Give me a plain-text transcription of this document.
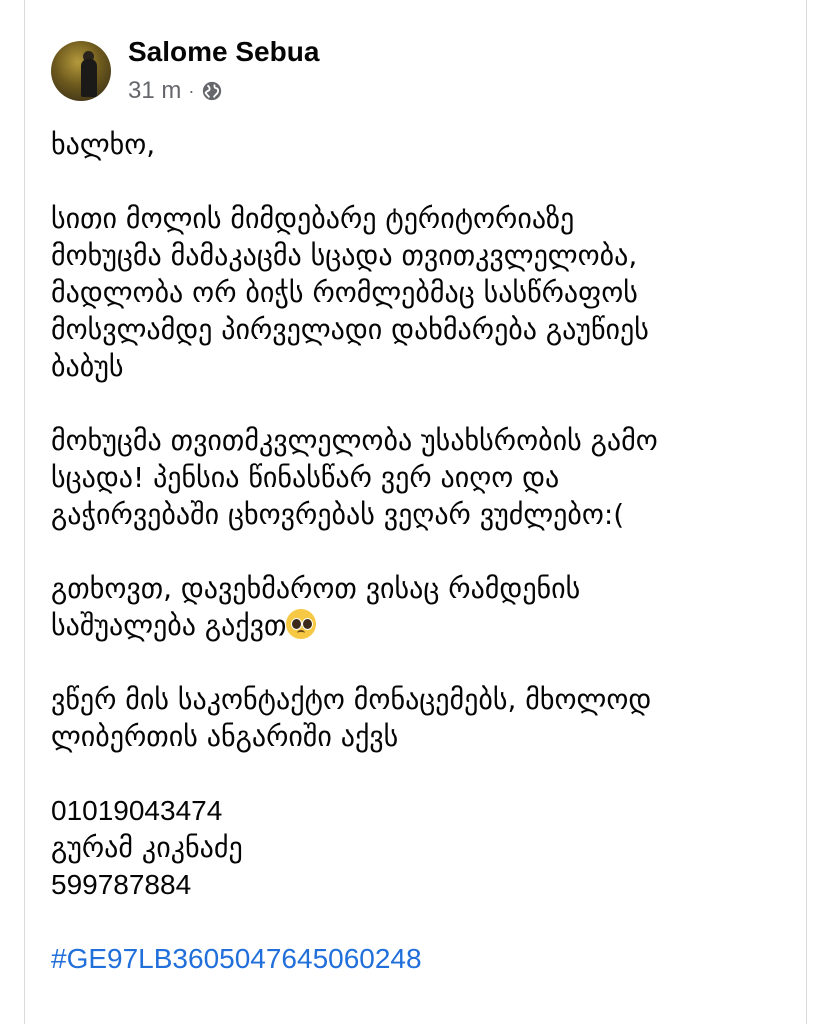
Salome Sebua
31 m ·

ხალხო,

სითი მოლის მიმდებარე ტერიტორიაზე

მოხუცმა მამაკაცმა სცადა თვითკვლელობა,

მადლობა ორ ბიჭს რომლებმაც სასწრაფოს

მოსვლამდე პირველადი დახმარება გაუწიეს

ბაბუს

მოხუცმა თვითმკვლელობა უსახსრობის გამო

სცადა! პენსია წინასწარ ვერ აიღო და

გაჭირვებაში ცხოვრებას ვეღარ ვუძლებო:(

გთხოვთ, დავეხმაროთ ვისაც რამდენის

საშუალება გაქვთ

ვწერ მის საკონტაქტო მონაცემებს, მხოლოდ

ლიბერთის ანგარიში აქვს

01019043474

გურამ კიკნაძე

599787884

#GE97LB3605047645060248
